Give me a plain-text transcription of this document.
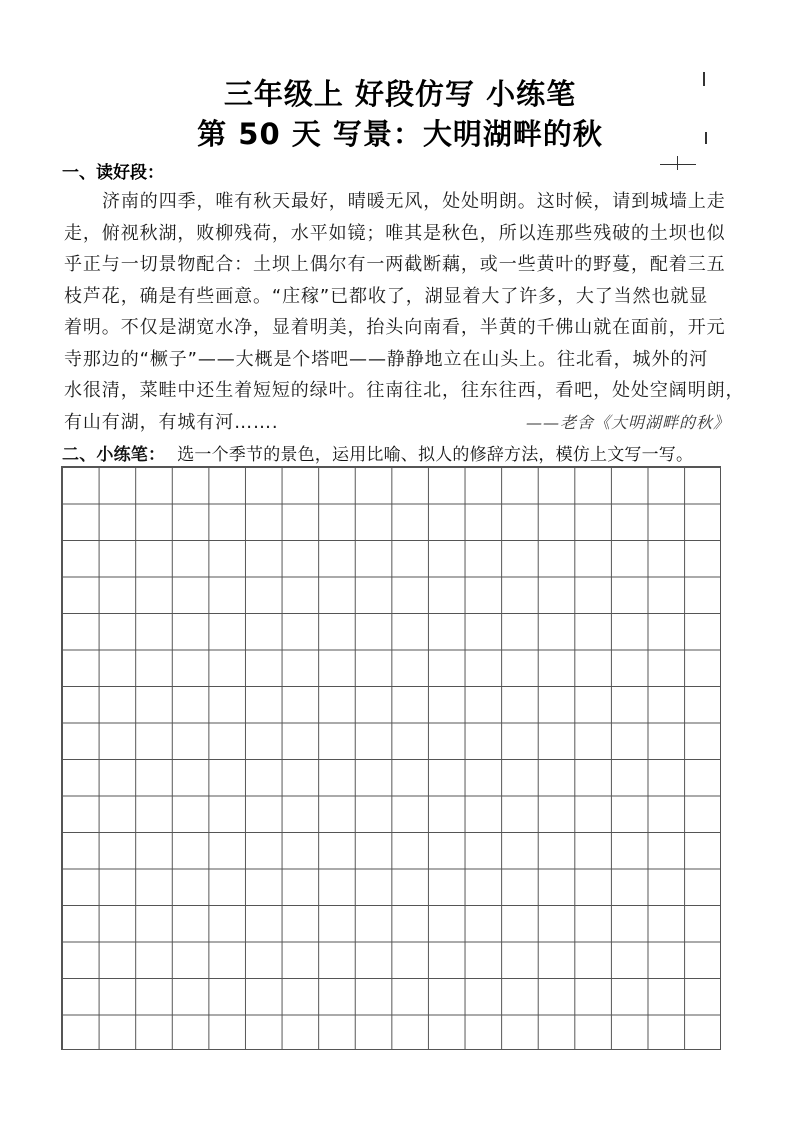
三年级上 好段仿写 小练笔
第 50 天 写景：大明湖畔的秋
一、读好段：
济南的四季，唯有秋天最好，晴暖无风，处处明朗。这时候，请到城墙上走
走，俯视秋湖，败柳残荷，水平如镜；唯其是秋色，所以连那些残破的土坝也似
乎正与一切景物配合：土坝上偶尔有一两截断藕，或一些黄叶的野蔓，配着三五
枝芦花，确是有些画意。“庄稼”已都收了，湖显着大了许多，大了当然也就显
着明。不仅是湖宽水净，显着明美，抬头向南看，半黄的千佛山就在面前，开元
寺那边的“橛子”——大概是个塔吧——静静地立在山头上。往北看，城外的河
水很清，菜畦中还生着短短的绿叶。往南往北，往东往西，看吧，处处空阔明朗，
有山有湖，有城有河…….	——老舍《大明湖畔的秋》
二、小练笔： 选一个季节的景色，运用比喻、拟人的修辞方法，模仿上文写一写。
